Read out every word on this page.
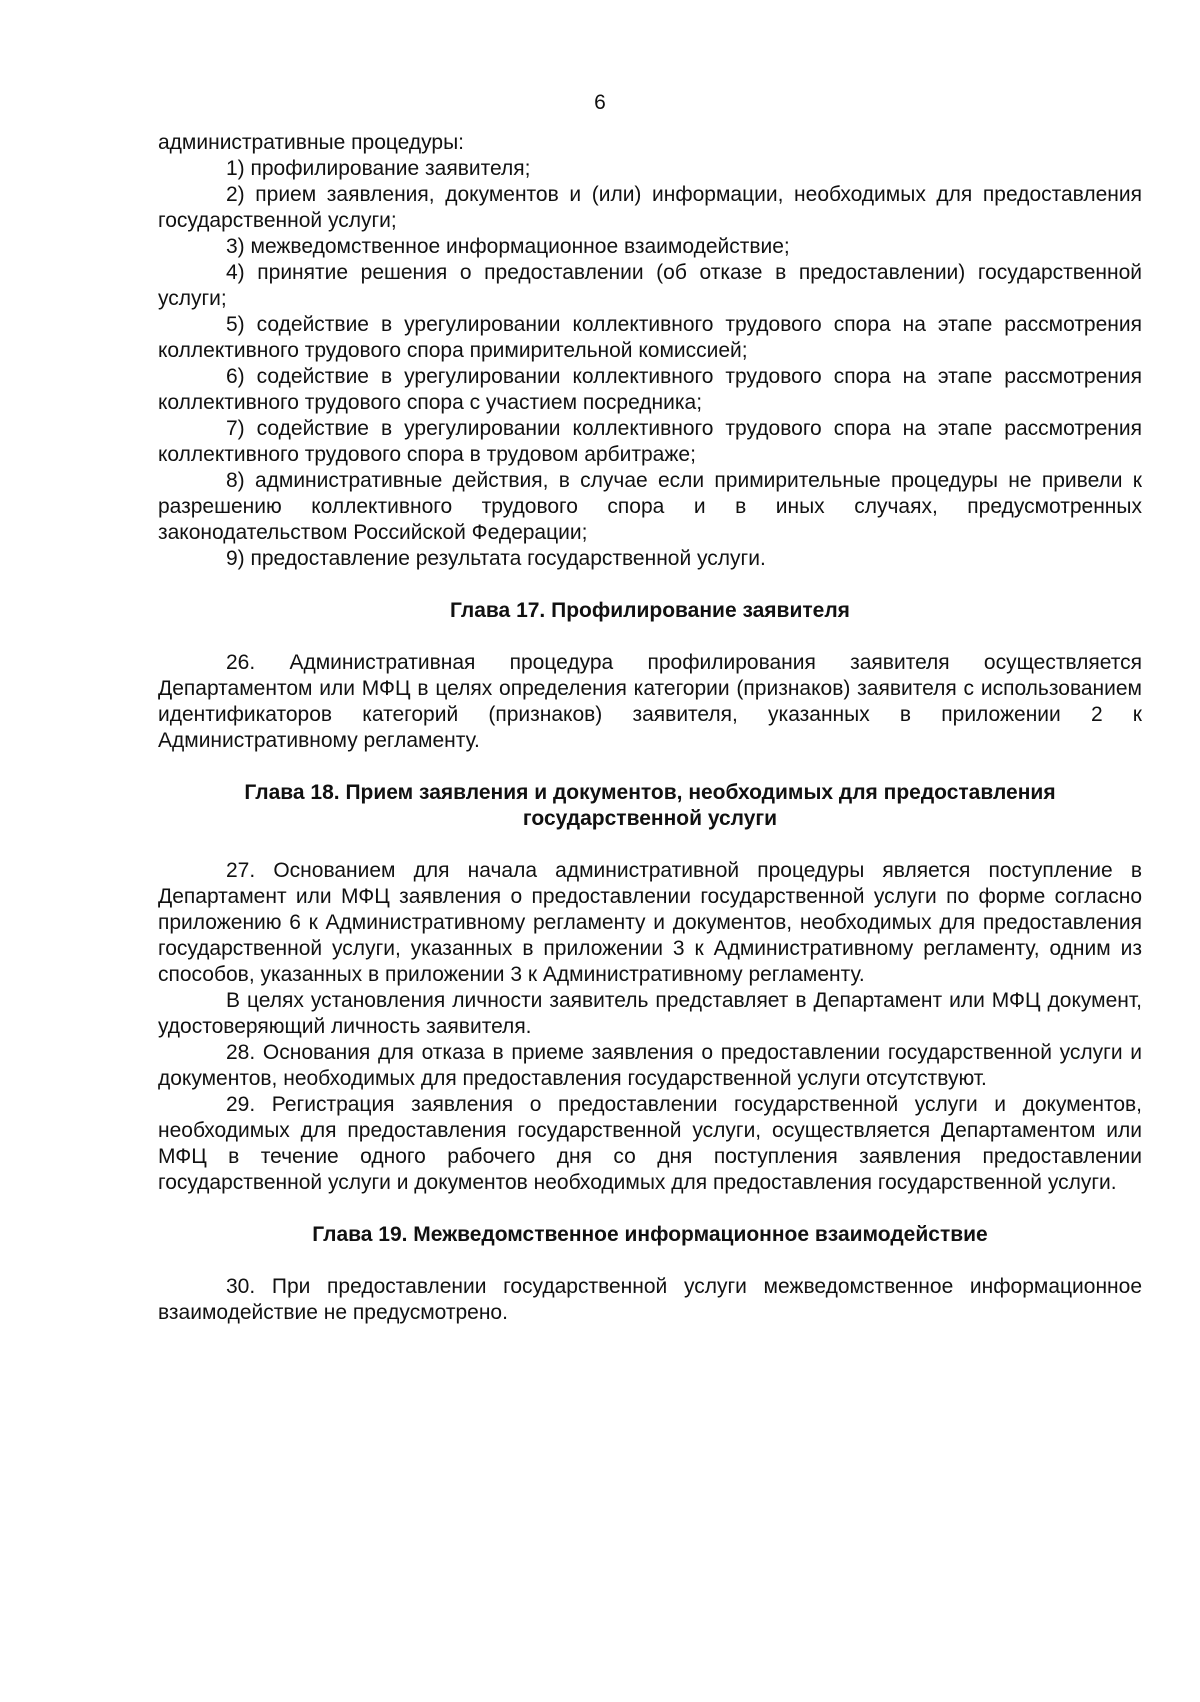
6

административные процедуры:

1) профилирование заявителя;

2) прием заявления, документов и (или) информации, необходимых для предоставления государственной услуги;

3) межведомственное информационное взаимодействие;

4) принятие решения о предоставлении (об отказе в предоставлении) государственной услуги;

5) содействие в урегулировании коллективного трудового спора на этапе рассмотрения коллективного трудового спора примирительной комиссией;

6) содействие в урегулировании коллективного трудового спора на этапе рассмотрения коллективного трудового спора с участием посредника;

7) содействие в урегулировании коллективного трудового спора на этапе рассмотрения коллективного трудового спора в трудовом арбитраже;

8) административные действия, в случае если примирительные процедуры не привели к разрешению коллективного трудового спора и в иных случаях, предусмотренных законодательством Российской Федерации;

9) предоставление результата государственной услуги.

Глава 17. Профилирование заявителя

26. Административная процедура профилирования заявителя осуществляется Департаментом или МФЦ в целях определения категории (признаков) заявителя с использованием идентификаторов категорий (признаков) заявителя, указанных в приложении 2 к Административному регламенту.

Глава 18. Прием заявления и документов, необходимых для предоставления
государственной услуги

27. Основанием для начала административной процедуры является поступление в Департамент или МФЦ заявления о предоставлении государственной услуги по форме согласно приложению 6 к Административному регламенту и документов, необходимых для предоставления государственной услуги, указанных в приложении 3 к Административному регламенту, одним из способов, указанных в приложении 3 к Административному регламенту.

В целях установления личности заявитель представляет в Департамент или МФЦ документ, удостоверяющий личность заявителя.

28. Основания для отказа в приеме заявления о предоставлении государственной услуги и документов, необходимых для предоставления государственной услуги отсутствуют.

29. Регистрация заявления о предоставлении государственной услуги и документов, необходимых для предоставления государственной услуги, осуществляется Департаментом или МФЦ в течение одного рабочего дня со дня поступления заявления предоставлении государственной услуги и документов необходимых для предоставления государственной услуги.

Глава 19. Межведомственное информационное взаимодействие

30. При предоставлении государственной услуги межведомственное информационное взаимодействие не предусмотрено.
